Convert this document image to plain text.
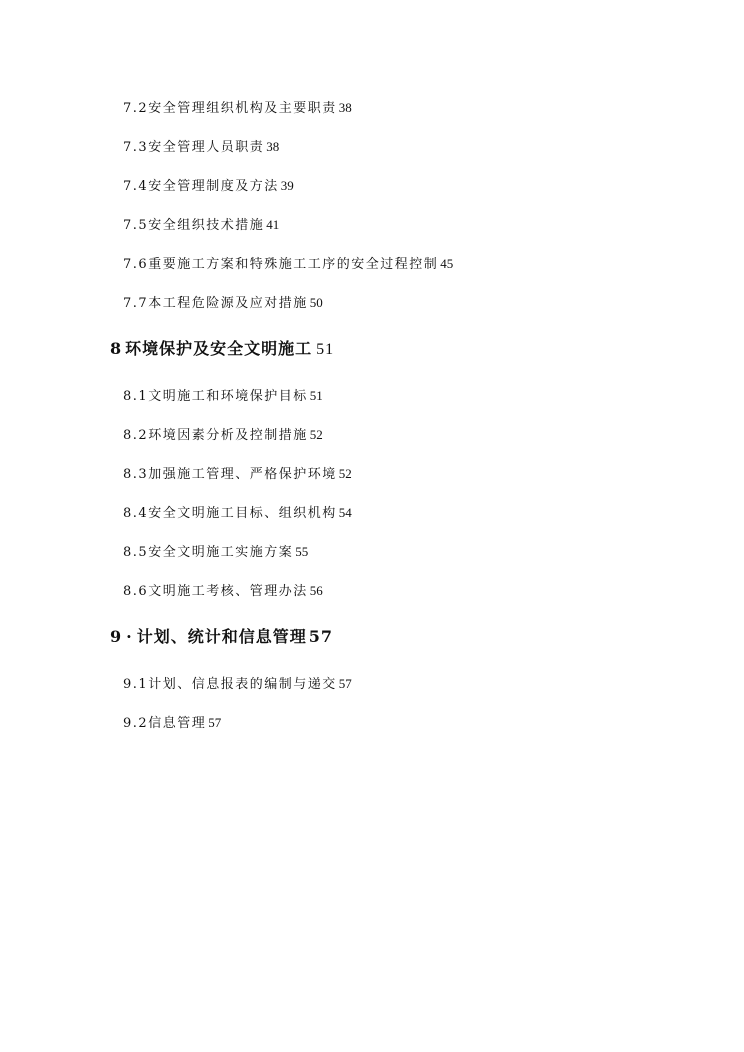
7.2安全管理组织机构及主要职责 38
7.3安全管理人员职责 38
7.4安全管理制度及方法 39
7.5安全组织技术措施 41
7.6重要施工方案和特殊施工工序的安全过程控制 45
7.7本工程危险源及应对措施 50
8 环境保护及安全文明施工 51
8.1文明施工和环境保护目标 51
8.2环境因素分析及控制措施 52
8.3加强施工管理、严格保护环境 52
8.4安全文明施工目标、组织机构 54
8.5安全文明施工实施方案 55
8.6文明施工考核、管理办法 56
9 · 计划、统计和信息管理 57
9.1计划、信息报表的编制与递交 57
9.2信息管理 57
